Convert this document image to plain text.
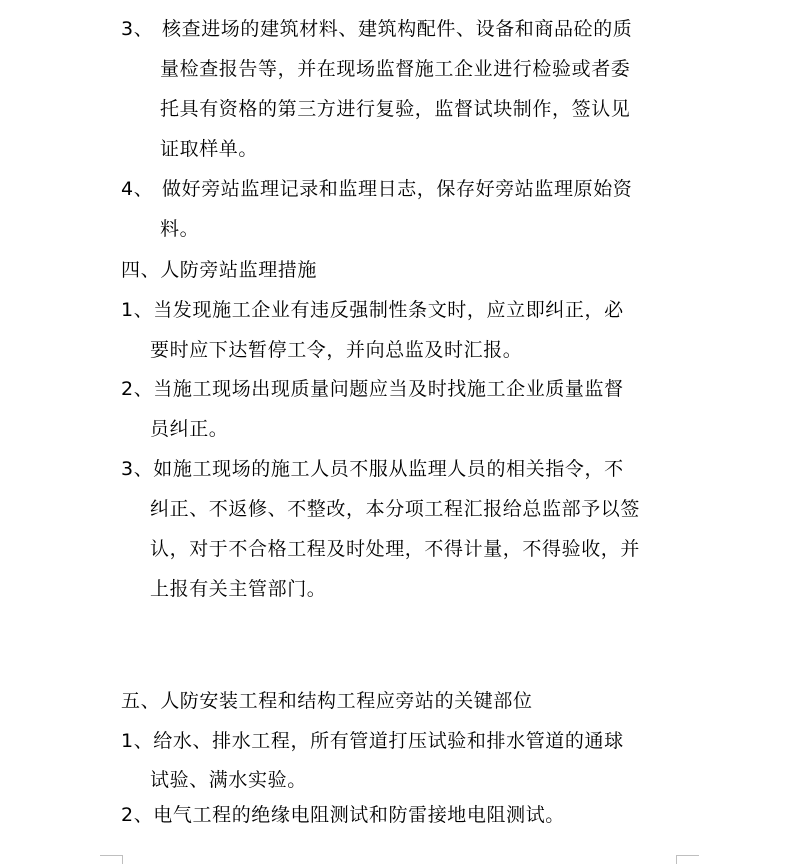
3、 核查进场的建筑材料、建筑构配件、设备和商品砼的质
量检查报告等，并在现场监督施工企业进行检验或者委
托具有资格的第三方进行复验，监督试块制作，签认见
证取样单。
4、 做好旁站监理记录和监理日志，保存好旁站监理原始资
料。
四、人防旁站监理措施
1、当发现施工企业有违反强制性条文时，应立即纠正，必
要时应下达暂停工令，并向总监及时汇报。
2、当施工现场出现质量问题应当及时找施工企业质量监督
员纠正。
3、如施工现场的施工人员不服从监理人员的相关指令，不
纠正、不返修、不整改，本分项工程汇报给总监部予以签
认，对于不合格工程及时处理，不得计量，不得验收，并
上报有关主管部门。
五、人防安装工程和结构工程应旁站的关键部位
1、给水、排水工程，所有管道打压试验和排水管道的通球
试验、满水实验。
2、电气工程的绝缘电阻测试和防雷接地电阻测试。
